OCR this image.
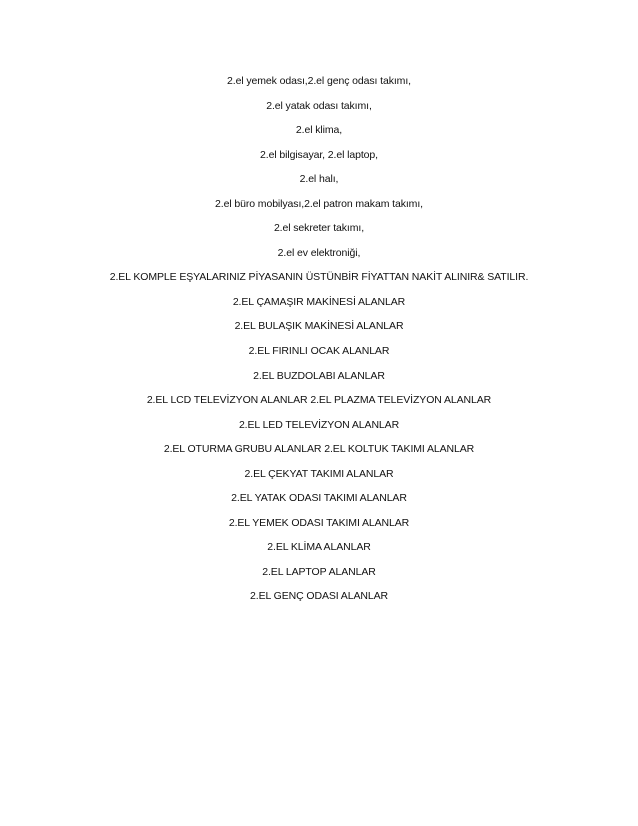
2.el yemek odası,2.el genç odası takımı,
2.el yatak odası takımı,
2.el klima,
2.el bilgisayar, 2.el laptop,
2.el halı,
2.el büro mobilyası,2.el patron makam takımı,
2.el sekreter takımı,
2.el ev elektroniği,
2.EL KOMPLE EŞYALARINIZ PİYASANIN ÜSTÜNBİR FİYATTAN NAKİT ALINIR& SATILIR.
2.EL ÇAMAŞIR MAKİNESİ ALANLAR
2.EL BULAŞIK MAKİNESİ ALANLAR
2.EL FIRINLI OCAK ALANLAR
2.EL BUZDOLABI ALANLAR
2.EL LCD TELEVİZYON ALANLAR 2.EL PLAZMA TELEVİZYON ALANLAR
2.EL LED TELEVİZYON ALANLAR
2.EL OTURMA GRUBU ALANLAR 2.EL KOLTUK TAKIMI ALANLAR
2.EL ÇEKYAT TAKIMI ALANLAR
2.EL YATAK ODASI TAKIMI ALANLAR
2.EL YEMEK ODASI TAKIMI ALANLAR
2.EL KLİMA ALANLAR
2.EL LAPTOP ALANLAR
2.EL GENÇ ODASI ALANLAR
